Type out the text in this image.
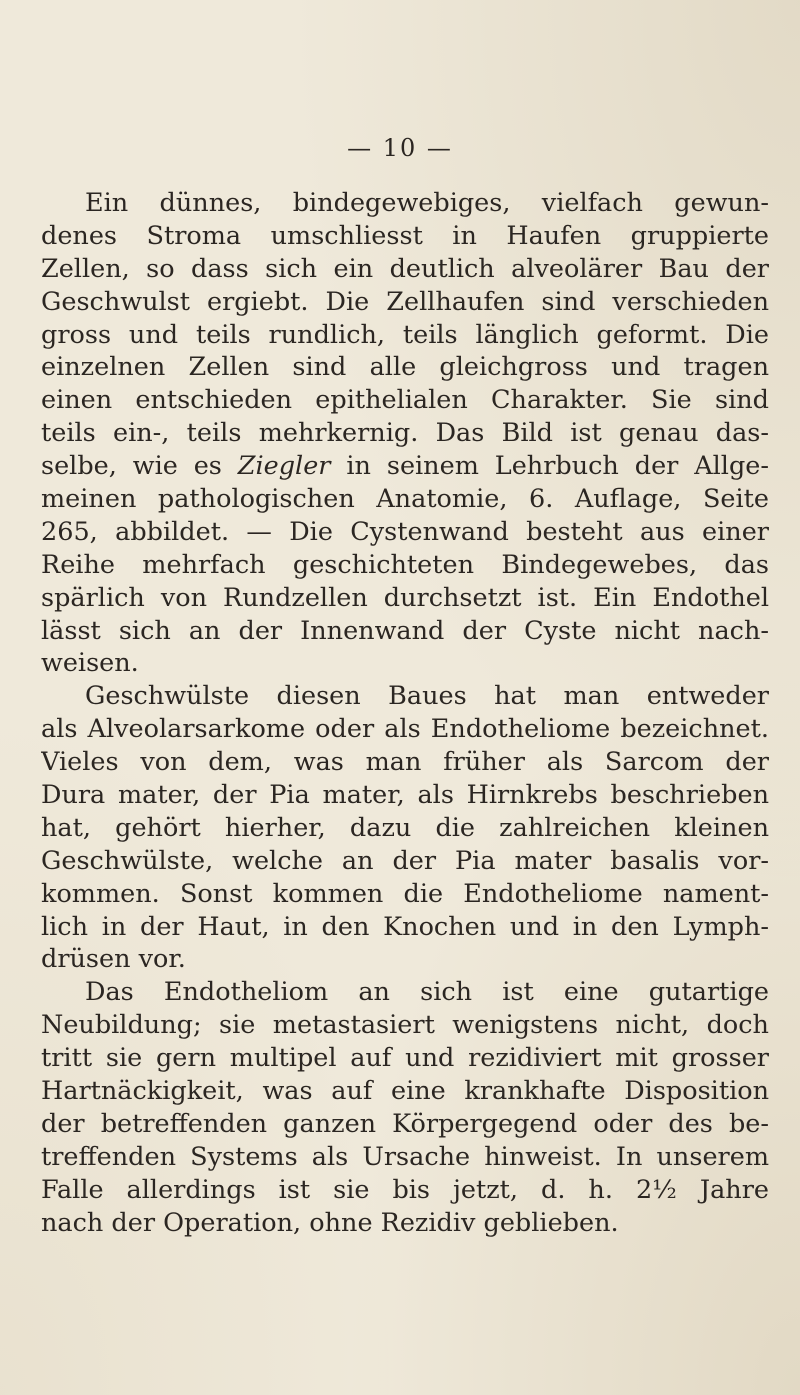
— 10 —
Ein dünnes, bindegewebiges, vielfach gewun-
denes Stroma umschliesst in Haufen gruppierte
Zellen, so dass sich ein deutlich alveolärer Bau der
Geschwulst ergiebt. Die Zellhaufen sind verschieden
gross und teils rundlich, teils länglich geformt. Die
einzelnen Zellen sind alle gleichgross und tragen
einen entschieden epithelialen Charakter. Sie sind
teils ein-, teils mehrkernig. Das Bild ist genau das-
selbe, wie es Ziegler in seinem Lehrbuch der Allge-
meinen pathologischen Anatomie, 6. Auflage, Seite
265, abbildet. — Die Cystenwand besteht aus einer
Reihe mehrfach geschichteten Bindegewebes, das
spärlich von Rundzellen durchsetzt ist. Ein Endothel
lässt sich an der Innenwand der Cyste nicht nach-
weisen.
Geschwülste diesen Baues hat man entweder
als Alveolarsarkome oder als Endotheliome bezeichnet.
Vieles von dem, was man früher als Sarcom der
Dura mater, der Pia mater, als Hirnkrebs beschrieben
hat, gehört hierher, dazu die zahlreichen kleinen
Geschwülste, welche an der Pia mater basalis vor-
kommen. Sonst kommen die Endotheliome nament-
lich in der Haut, in den Knochen und in den Lymph-
drüsen vor.
Das Endotheliom an sich ist eine gutartige
Neubildung; sie metastasiert wenigstens nicht, doch
tritt sie gern multipel auf und rezidiviert mit grosser
Hartnäckigkeit, was auf eine krankhafte Disposition
der betreffenden ganzen Körpergegend oder des be-
treffenden Systems als Ursache hinweist. In unserem
Falle allerdings ist sie bis jetzt, d. h. 2½ Jahre
nach der Operation, ohne Rezidiv geblieben.
